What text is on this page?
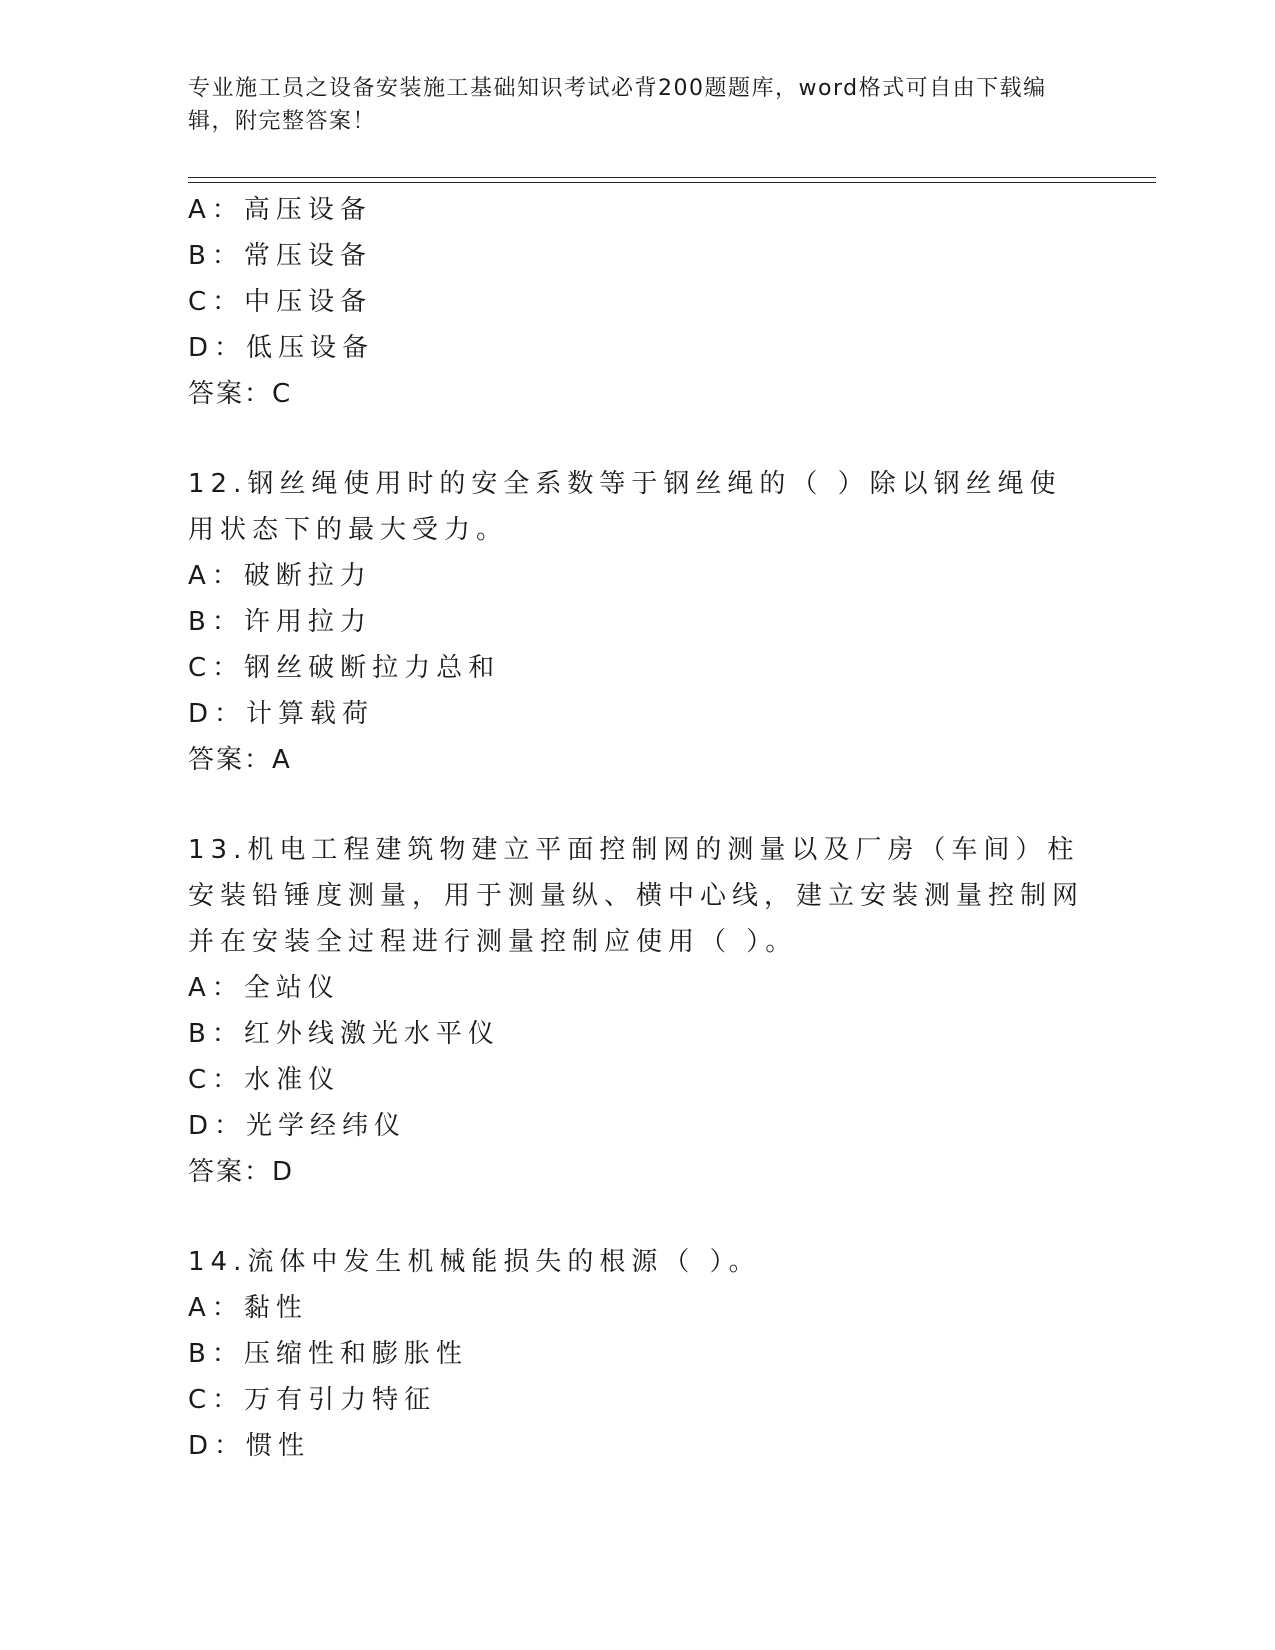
专业施工员之设备安装施工基础知识考试必背200题题库，word格式可自由下载编辑，附完整答案！
A：高压设备
B：常压设备
C：中压设备
D：低压设备
答案：C
12.钢丝绳使用时的安全系数等于钢丝绳的（ ）除以钢丝绳使用状态下的最大受力。
A：破断拉力
B：许用拉力
C：钢丝破断拉力总和
D：计算载荷
答案：A
13.机电工程建筑物建立平面控制网的测量以及厂房（车间）柱安装铅锤度测量，用于测量纵、横中心线，建立安装测量控制网并在安装全过程进行测量控制应使用（ ）。
A：全站仪
B：红外线激光水平仪
C：水准仪
D：光学经纬仪
答案：D
14.流体中发生机械能损失的根源（ ）。
A：黏性
B：压缩性和膨胀性
C：万有引力特征
D：惯性
